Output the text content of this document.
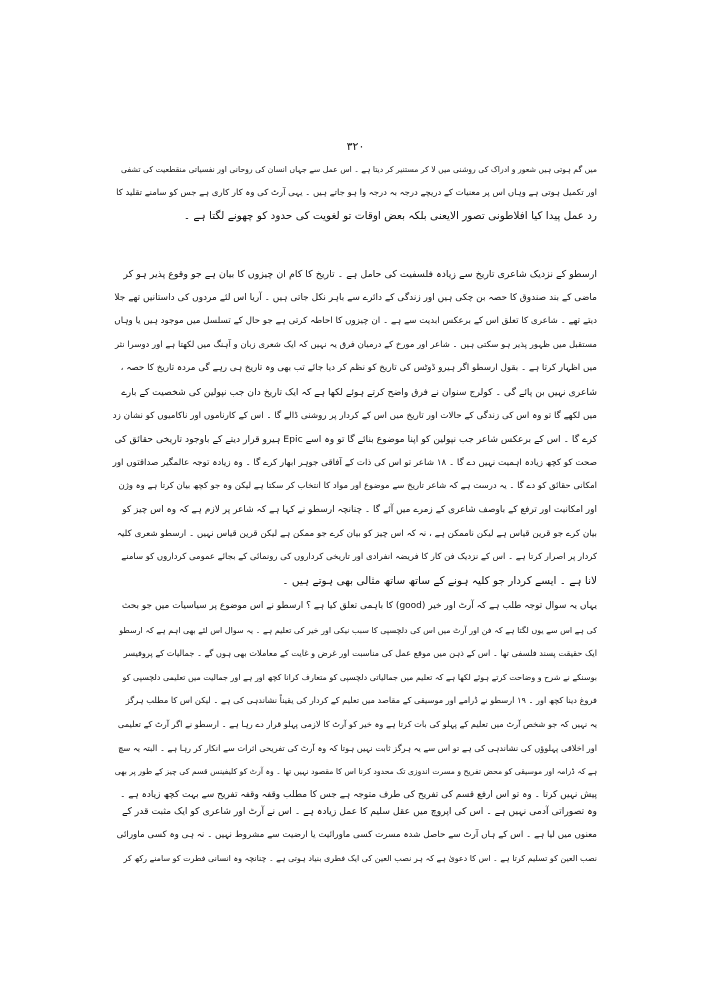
۳۲۰
میں گم ہوتی ہیں شعور و ادراک کی روشنی میں لا کر مستنیر کر دیتا ہے ۔ اس عمل سے جہاں انسان کی روحانی اور نفسیاتی منقطعیت کی تشفی
اور تکمیل ہوتی ہے وہاں اس پر معنیات کے دریچے درجہ بہ درجہ وا ہو جاتے ہیں ۔ یہی آرٹ کی وہ کار کاری ہے جس کو سامنے تقلید کا
رد عمل پیدا کیا افلاطونی تصور الایعنی بلکہ بعض اوقات تو لغویت کی حدود کو چھونے لگتا ہے ۔
ارسطو کے نزدیک شاعری تاریخ سے زیادہ فلسفیت کی حامل ہے ۔ تاریخ کا کام ان چیزوں کا بیان ہے جو وقوع پذیر ہو کر
ماضی کے بند صندوق کا حصہ بن چکی ہیں اور زندگی کے دائرے سے باہر نکل جاتی ہیں ۔ آریا اس لئے مردوں کی داستانیں تھے جلا
دیتے تھے ۔ شاعری کا تعلق اس کے برعکس ابدیت سے ہے ۔ ان چیزوں کا احاطہ کرتی ہے جو حال کے تسلسل میں موجود ہیں یا وہاں
مستقبل میں ظہور پذیر ہو سکتی ہیں ۔ شاعر اور مورخ کے درمیان فرق یہ نہیں کہ ایک شعری زبان و آہنگ میں لکھتا ہے اور دوسرا نثر
میں اظہار کرتا ہے ۔ بقول ارسطو اگر ہیرو ڈوٹس کی تاریخ کو نظم کر دیا جائے تب بھی وہ تاریخ ہی رہے گی مردہ تاریخ کا حصہ ،
شاعری نہیں بن پائے گی ۔ کولرج سنوان نے فرق واضح کرتے ہوئے لکھا ہے کہ ایک تاریخ دان جب نپولین کی شخصیت کے بارے
میں لکھے گا تو وہ اس کی زندگی کے حالات اور تاریخ میں اس کے کردار پر روشنی ڈالے گا ۔ اس کے کارناموں اور ناکامیوں کو نشان زد
کرے گا ۔ اس کے برعکس شاعر جب نپولین کو اپنا موضوع بنائے گا تو وہ اسے Epic ہیرو قرار دیتے کے باوجود تاریخی حقائق کی
صحت کو کچھ زیادہ اہمیت نہیں دے گا ۔ ۱۸ شاعر تو اس کی ذات کے آفاقی جوہر ابھار کرے گا ۔ وہ زیادہ توجہ عالمگیر صداقتوں اور
امکانی حقائق کو دے گا ۔ یہ درست ہے کہ شاعر تاریخ سے موضوع اور مواد کا انتخاب کر سکتا ہے لیکن وہ جو کچھ بیان کرتا ہے وہ وژن
اور امکانیت اور ترفع کے باوصف شاعری کے زمرے میں آئے گا ۔ چنانچہ ارسطو نے کہا ہے کہ شاعر پر لازم ہے کہ وہ اس چیز کو
بیان کرے جو قرین قیاس ہے لیکن ناممکن ہے ، نہ کہ اس چیز کو بیان کرے جو ممکن ہے لیکن قرین قیاس نہیں ۔ ارسطو شعری کلیہ
کردار پر اصرار کرتا ہے ۔ اس کے نزدیک فن کار کا فریضہ انفرادی اور تاریخی کرداروں کی رونمائی کے بجائے عمومی کرداروں کو سامنے
لانا ہے ۔ ایسے کردار جو کلیہ ہونے کے ساتھ ساتھ مثالی بھی ہوتے ہیں ۔
یہاں یہ سوال توجہ طلب ہے کہ آرٹ اور خیر (good) کا باہمی تعلق کیا ہے ؟ ارسطو نے اس موضوع پر سیاسیات میں جو بحث
کی ہے اس سے یوں لگتا ہے کہ فن اور آرٹ میں اس کی دلچسپی کا سبب نیکی اور خیر کی تعلیم ہے ۔ یہ سوال اس لئے بھی اہم ہے کہ ارسطو
ایک حقیقت پسند فلسفی تھا ۔ اس کے ذہن میں موقع عمل کی مناسبت اور غرض و غایت کے معاملات بھی ہوں گے ۔ جمالیات کے پروفیسر
بوسنکے نے شرح و وضاحت کرتے ہوئے لکھا ہے کہ تعلیم میں جمالیاتی دلچسپی کو متعارف کرانا کچھ اور ہے اور جمالیت میں تعلیمی دلچسپی کو
فروغ دینا کچھ اور ۔ ۱۹ ارسطو نے ڈرامے اور موسیقی کے مقاصد میں تعلیم کے کردار کی یقیناً نشاندہی کی ہے ۔ لیکن اس کا مطلب ہرگز
یہ نہیں کہ جو شخص آرٹ میں تعلیم کے پہلو کی بات کرتا ہے وہ خیر کو آرٹ کا لازمی پہلو قرار دے رہا ہے ۔ ارسطو نے اگر آرٹ کے تعلیمی
اور اخلاقی پہلوؤں کی نشاندہی کی ہے تو اس سے یہ ہرگز ثابت نہیں ہوتا کہ وہ آرٹ کی تفریحی اثرات سے انکار کر رہا ہے ۔ البتہ یہ سچ
ہے کہ ڈرامہ اور موسیقی کو محض تفریح و مسرت اندوزی تک محدود کرنا اس کا مقصود نہیں تھا ۔ وہ آرٹ کو کلیفینس قسم کی چیز کے طور پر بھی
پیش نہیں کرتا ۔ وہ تو اس ارفع قسم کی تفریح کی طرف متوجہ ہے جس کا مطلب وقفہ وقفہ تفریح سے بہت کچھ زیادہ ہے ۔
وہ تصوراتی آدمی نہیں ہے ۔ اس کی اپروچ میں عقل سلیم کا عمل زیادہ ہے ۔ اس نے آرٹ اور شاعری کو ایک مثبت قدر کے
معنوں میں لیا ہے ۔ اس کے ہاں آرٹ سے حاصل شدہ مسرت کسی ماورائیت یا ارضیت سے مشروط نہیں ۔ نہ ہی وہ کسی ماورائی
نصب العین کو تسلیم کرتا ہے ۔ اس کا دعویٰ ہے کہ ہر نصب العین کی ایک فطری بنیاد ہوتی ہے ۔ چنانچہ وہ انسانی فطرت کو سامنے رکھ کر
